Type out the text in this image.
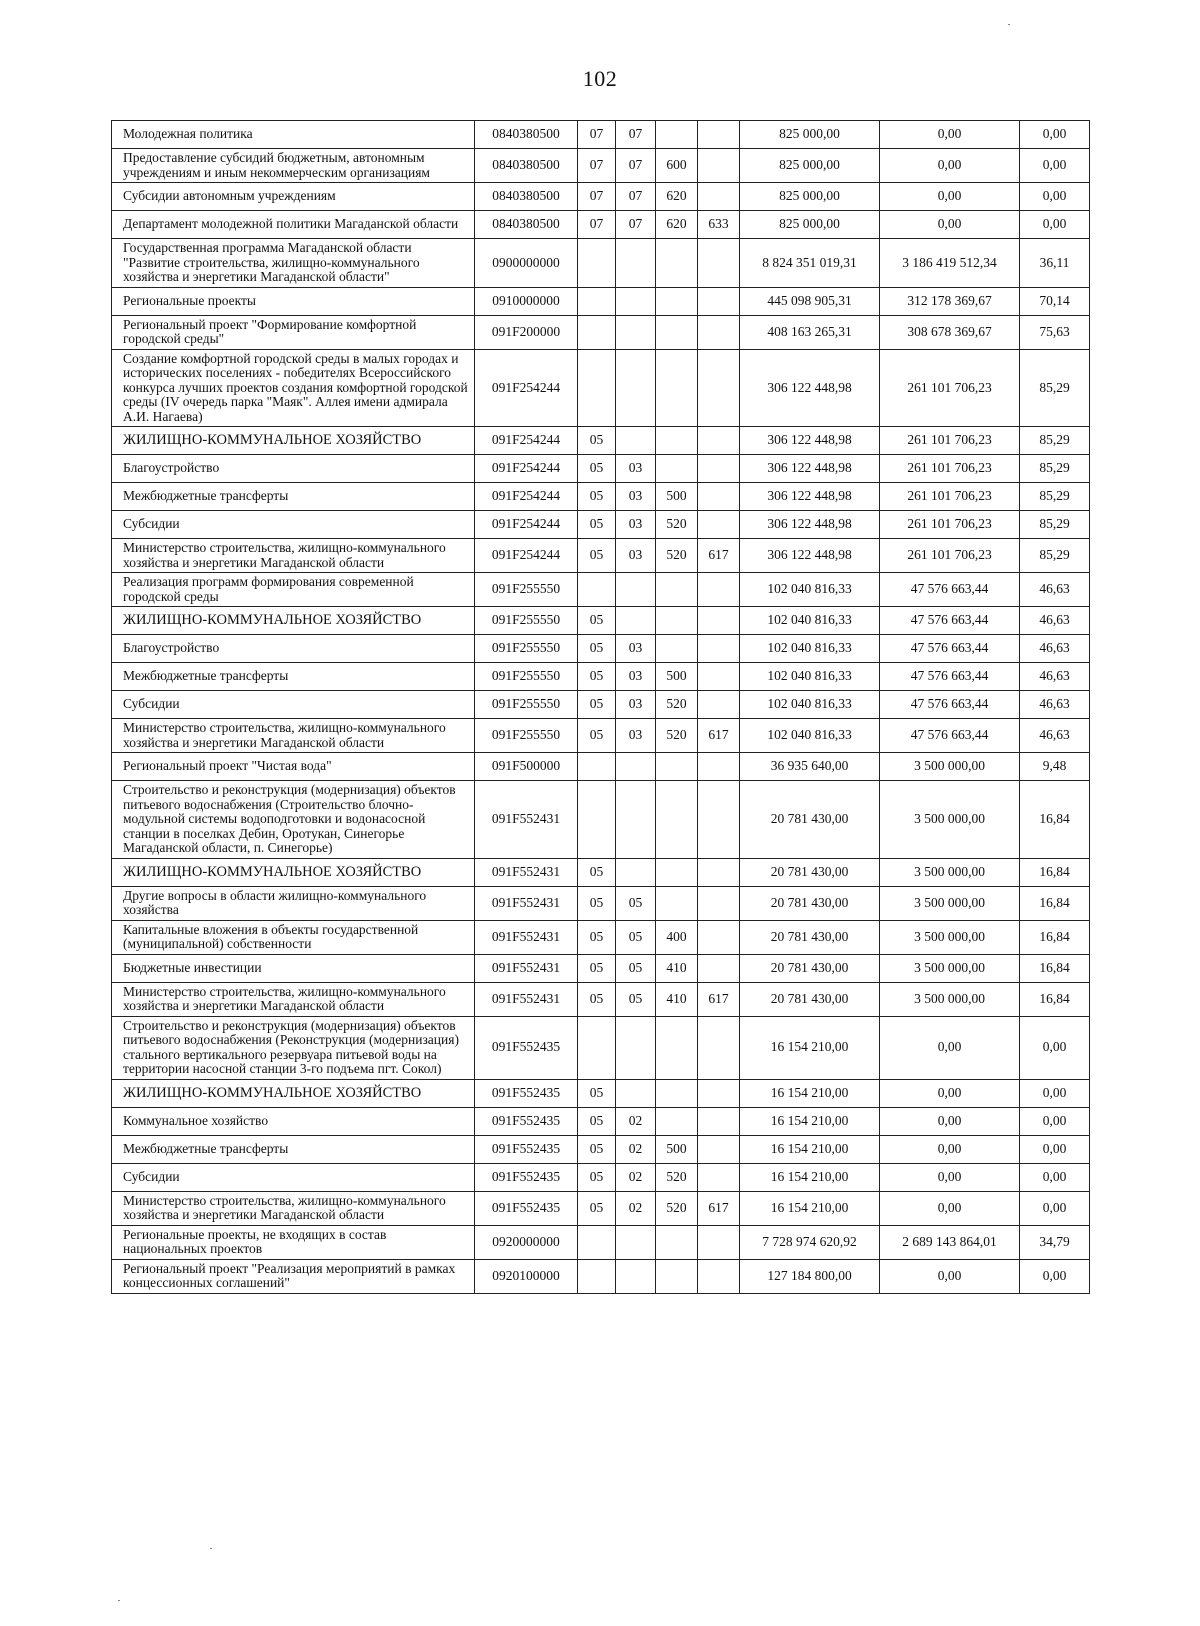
102
Молодежная политика	0840380500	07	07			825 000,00	0,00	0,00
Предоставление субсидий бюджетным, автономным учреждениям и иным некоммерческим организациям	0840380500	07	07	600		825 000,00	0,00	0,00
Субсидии автономным учреждениям	0840380500	07	07	620		825 000,00	0,00	0,00
Департамент молодежной политики Магаданской области	0840380500	07	07	620	633	825 000,00	0,00	0,00
Государственная программа Магаданской области "Развитие строительства, жилищно-коммунального хозяйства и энергетики Магаданской области"	0900000000					8 824 351 019,31	3 186 419 512,34	36,11
Региональные проекты	0910000000					445 098 905,31	312 178 369,67	70,14
Региональный проект "Формирование комфортной городской среды"	091F200000					408 163 265,31	308 678 369,67	75,63
Создание комфортной городской среды в малых городах и исторических поселениях - победителях Всероссийского конкурса лучших проектов создания комфортной городской среды (IV очередь парка "Маяк". Аллея имени адмирала А.И. Нагаева)	091F254244					306 122 448,98	261 101 706,23	85,29
ЖИЛИЩНО-КОММУНАЛЬНОЕ ХОЗЯЙСТВО	091F254244	05				306 122 448,98	261 101 706,23	85,29
Благоустройство	091F254244	05	03			306 122 448,98	261 101 706,23	85,29
Межбюджетные трансферты	091F254244	05	03	500		306 122 448,98	261 101 706,23	85,29
Субсидии	091F254244	05	03	520		306 122 448,98	261 101 706,23	85,29
Министерство строительства, жилищно-коммунального хозяйства и энергетики Магаданской области	091F254244	05	03	520	617	306 122 448,98	261 101 706,23	85,29
Реализация программ формирования современной городской среды	091F255550					102 040 816,33	47 576 663,44	46,63
ЖИЛИЩНО-КОММУНАЛЬНОЕ ХОЗЯЙСТВО	091F255550	05				102 040 816,33	47 576 663,44	46,63
Благоустройство	091F255550	05	03			102 040 816,33	47 576 663,44	46,63
Межбюджетные трансферты	091F255550	05	03	500		102 040 816,33	47 576 663,44	46,63
Субсидии	091F255550	05	03	520		102 040 816,33	47 576 663,44	46,63
Министерство строительства, жилищно-коммунального хозяйства и энергетики Магаданской области	091F255550	05	03	520	617	102 040 816,33	47 576 663,44	46,63
Региональный проект "Чистая вода"	091F500000					36 935 640,00	3 500 000,00	9,48
Строительство и реконструкция (модернизация) объектов питьевого водоснабжения (Строительство блочно-модульной системы водоподготовки и водонасосной станции в поселках Дебин, Оротукан, Синегорье Магаданской области, п. Синегорье)	091F552431					20 781 430,00	3 500 000,00	16,84
ЖИЛИЩНО-КОММУНАЛЬНОЕ ХОЗЯЙСТВО	091F552431	05				20 781 430,00	3 500 000,00	16,84
Другие вопросы в области жилищно-коммунального хозяйства	091F552431	05	05			20 781 430,00	3 500 000,00	16,84
Капитальные вложения в объекты государственной (муниципальной) собственности	091F552431	05	05	400		20 781 430,00	3 500 000,00	16,84
Бюджетные инвестиции	091F552431	05	05	410		20 781 430,00	3 500 000,00	16,84
Министерство строительства, жилищно-коммунального хозяйства и энергетики Магаданской области	091F552431	05	05	410	617	20 781 430,00	3 500 000,00	16,84
Строительство и реконструкция (модернизация) объектов питьевого водоснабжения (Реконструкция (модернизация) стального вертикального резервуара питьевой воды на территории насосной станции 3-го подъема пгт. Сокол)	091F552435					16 154 210,00	0,00	0,00
ЖИЛИЩНО-КОММУНАЛЬНОЕ ХОЗЯЙСТВО	091F552435	05				16 154 210,00	0,00	0,00
Коммунальное хозяйство	091F552435	05	02			16 154 210,00	0,00	0,00
Межбюджетные трансферты	091F552435	05	02	500		16 154 210,00	0,00	0,00
Субсидии	091F552435	05	02	520		16 154 210,00	0,00	0,00
Министерство строительства, жилищно-коммунального хозяйства и энергетики Магаданской области	091F552435	05	02	520	617	16 154 210,00	0,00	0,00
Региональные проекты, не входящих в состав национальных проектов	0920000000					7 728 974 620,92	2 689 143 864,01	34,79
Региональный проект "Реализация мероприятий в рамках концессионных соглашений"	0920100000					127 184 800,00	0,00	0,00
